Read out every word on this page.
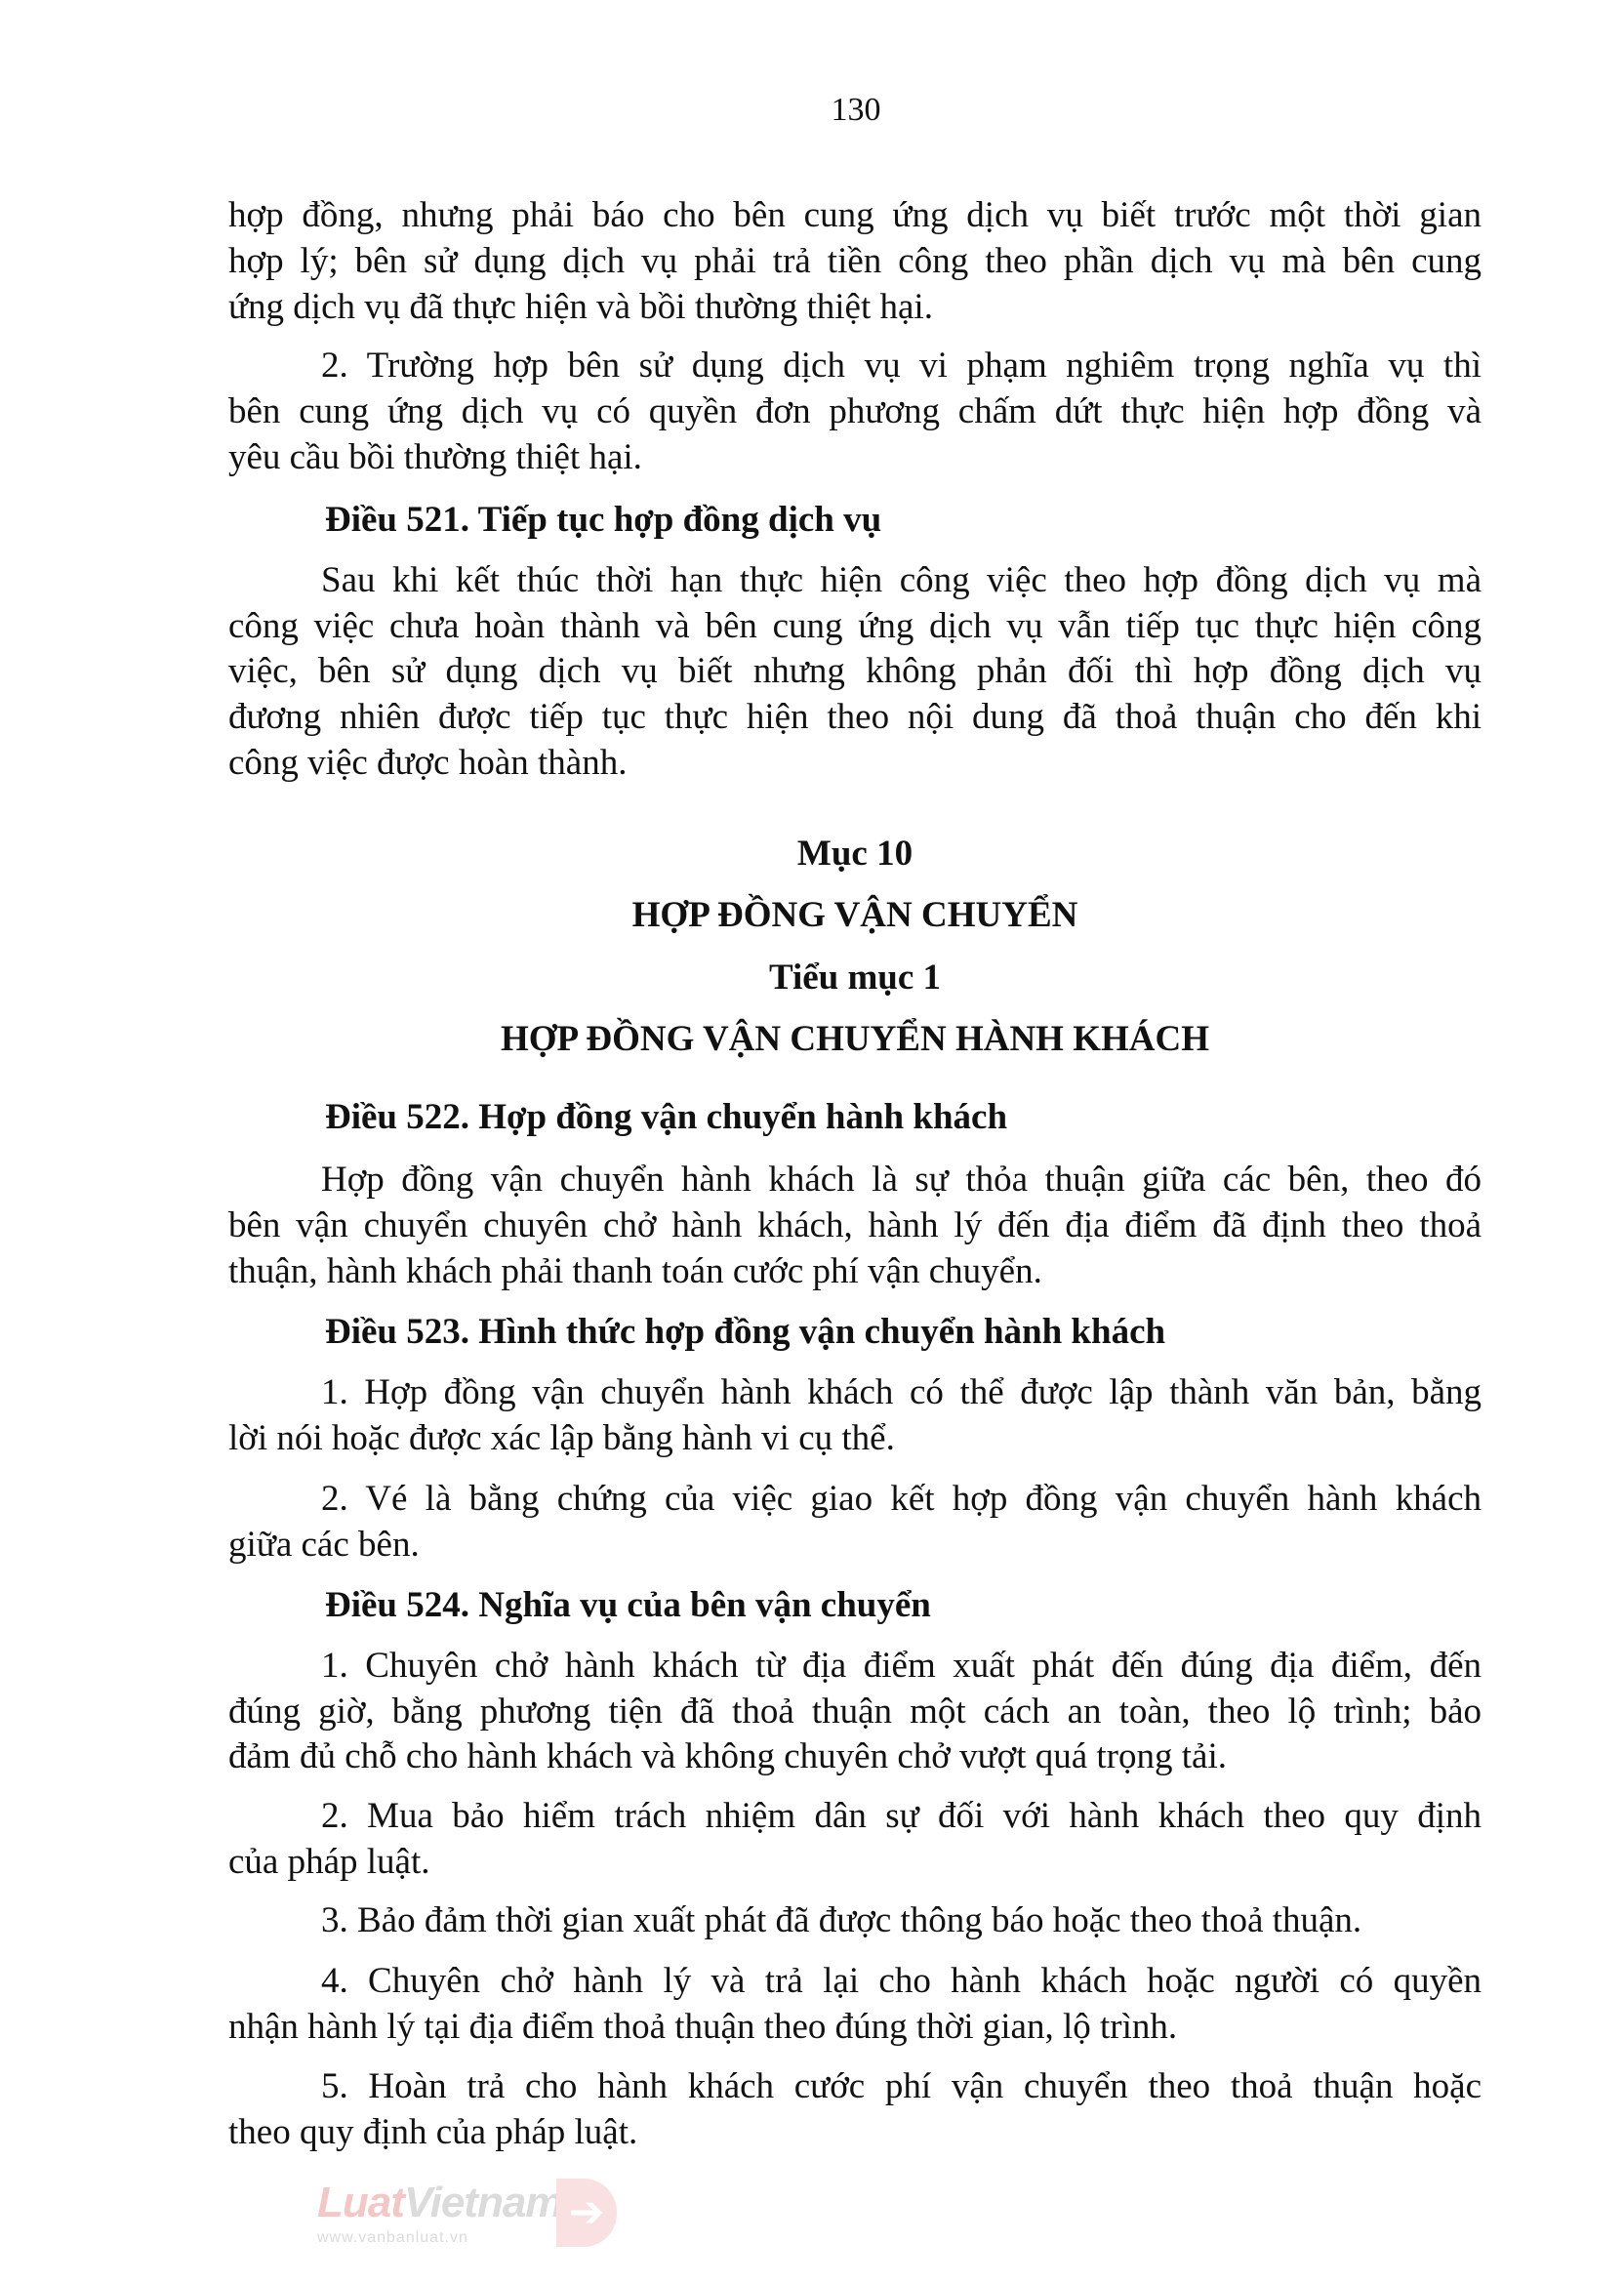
130
hợp đồng, nhưng phải báo cho bên cung ứng dịch vụ biết trước một thời gian
hợp lý; bên sử dụng dịch vụ phải trả tiền công theo phần dịch vụ mà bên cung
ứng dịch vụ đã thực hiện và bồi thường thiệt hại.
2. Trường hợp bên sử dụng dịch vụ vi phạm nghiêm trọng nghĩa vụ thì
bên cung ứng dịch vụ có quyền đơn phương chấm dứt thực hiện hợp đồng và
yêu cầu bồi thường thiệt hại.
Điều 521. Tiếp tục hợp đồng dịch vụ
Sau khi kết thúc thời hạn thực hiện công việc theo hợp đồng dịch vụ mà
công việc chưa hoàn thành và bên cung ứng dịch vụ vẫn tiếp tục thực hiện công
việc, bên sử dụng dịch vụ biết nhưng không phản đối thì hợp đồng dịch vụ
đương nhiên được tiếp tục thực hiện theo nội dung đã thoả thuận cho đến khi
công việc được hoàn thành.
Mục 10
HỢP ĐỒNG VẬN CHUYỂN
Tiểu mục 1
HỢP ĐỒNG VẬN CHUYỂN HÀNH KHÁCH
Điều 522. Hợp đồng vận chuyển hành khách
Hợp đồng vận chuyển hành khách là sự thỏa thuận giữa các bên, theo đó
bên vận chuyển chuyên chở hành khách, hành lý đến địa điểm đã định theo thoả
thuận, hành khách phải thanh toán cước phí vận chuyển.
Điều 523. Hình thức hợp đồng vận chuyển hành khách
1. Hợp đồng vận chuyển hành khách có thể được lập thành văn bản, bằng
lời nói hoặc được xác lập bằng hành vi cụ thể.
2. Vé là bằng chứng của việc giao kết hợp đồng vận chuyển hành khách
giữa các bên.
Điều 524. Nghĩa vụ của bên vận chuyển
1. Chuyên chở hành khách từ địa điểm xuất phát đến đúng địa điểm, đến
đúng giờ, bằng phương tiện đã thoả thuận một cách an toàn, theo lộ trình; bảo
đảm đủ chỗ cho hành khách và không chuyên chở vượt quá trọng tải.
2. Mua bảo hiểm trách nhiệm dân sự đối với hành khách theo quy định
của pháp luật.
3. Bảo đảm thời gian xuất phát đã được thông báo hoặc theo thoả thuận.
4. Chuyên chở hành lý và trả lại cho hành khách hoặc người có quyền
nhận hành lý tại địa điểm thoả thuận theo đúng thời gian, lộ trình.
5. Hoàn trả cho hành khách cước phí vận chuyển theo thoả thuận hoặc
theo quy định của pháp luật.
LuatVietnam
www.vanbanluat.vn
➔
